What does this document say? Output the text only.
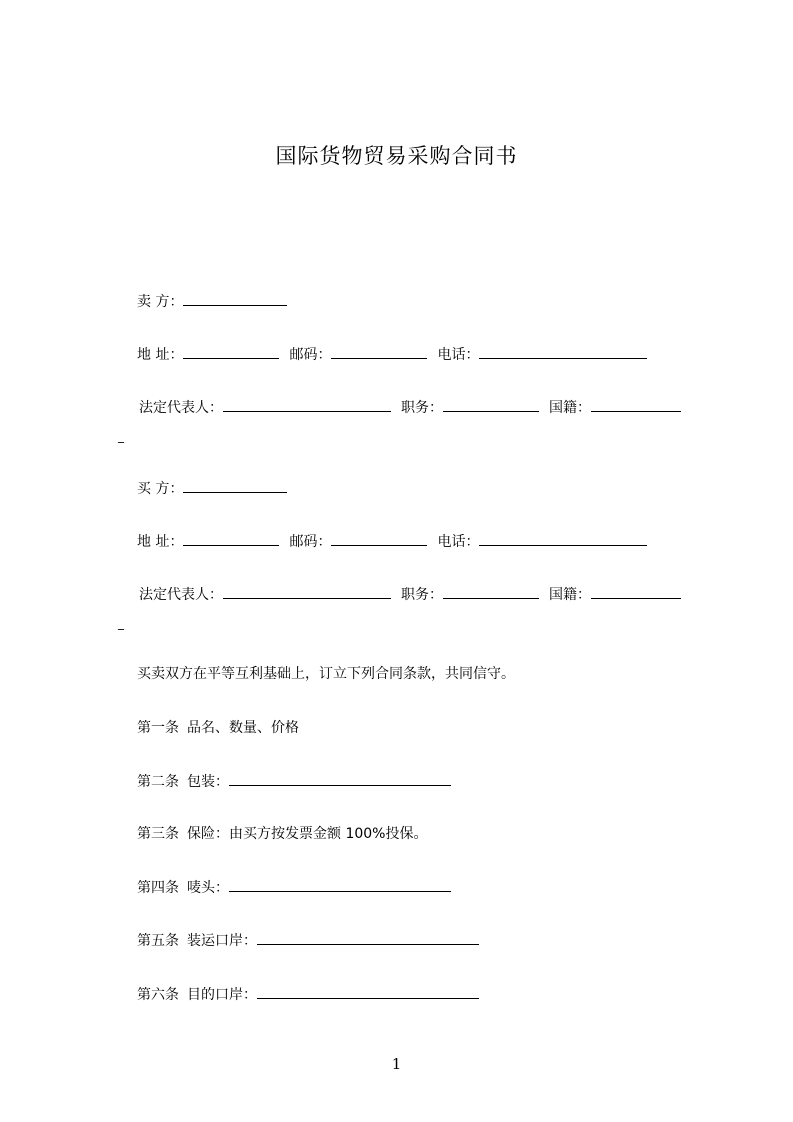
国际货物贸易采购合同书
卖 方：
地 址：	邮码：	电话：
法定代表人：	职务：	国籍：
_
买 方：
地 址：	邮码：	电话：
法定代表人：	职务：	国籍：
_
买卖双方在平等互利基础上，订立下列合同条款，共同信守。
第一条 品名、数量、价格
第二条 包装：
第三条 保险：由买方按发票金额 100%投保。
第四条 唛头：
第五条 装运口岸：
第六条 目的口岸：
1
